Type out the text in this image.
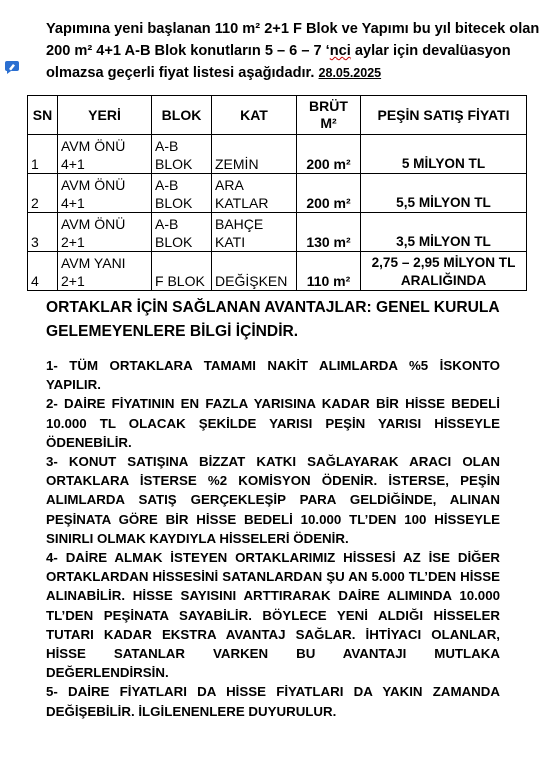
Yapımına yeni başlanan 110 m² 2+1 F Blok ve Yapımı bu yıl bitecek olan 200 m² 4+1 A-B Blok konutların 5 – 6 – 7 ‘nci aylar için devalüasyon olmazsa geçerli fiyat listesi aşağıdadır. 28.05.2025
SN	YERİ	BLOK	KAT	BRÜT M²	PEŞİN SATIŞ FİYATI
1	AVM ÖNÜ 4+1	A-B BLOK	ZEMİN	200 m²	5 MİLYON TL
2	AVM ÖNÜ 4+1	A-B BLOK	ARA KATLAR	200 m²	5,5 MİLYON TL
3	AVM ÖNÜ 2+1	A-B BLOK	BAHÇE KATI	130 m²	3,5 MİLYON TL
4	AVM YANI 2+1	F BLOK	DEĞİŞKEN	110 m²	2,75 – 2,95 MİLYON TL ARALIĞINDA
ORTAKLAR İÇİN SAĞLANAN AVANTAJLAR: GENEL KURULA GELEMEYENLERE BİLGİ İÇİNDİR.
1- TÜM ORTAKLARA TAMAMI NAKİT ALIMLARDA %5 İSKONTO YAPILIR.
2- DAİRE FİYATININ EN FAZLA YARISINA KADAR BİR HİSSE BEDELİ 10.000 TL OLACAK ŞEKİLDE YARISI PEŞİN YARISI HİSSEYLE ÖDENEBİLİR.
3- KONUT SATIŞINA BİZZAT KATKI SAĞLAYARAK ARACI OLAN ORTAKLARA İSTERSE %2 KOMİSYON ÖDENİR. İSTERSE, PEŞİN ALIMLARDA SATIŞ GERÇEKLEŞİP PARA GELDİĞİNDE, ALINAN PEŞİNATA GÖRE BİR HİSSE BEDELİ 10.000 TL’DEN 100 HİSSEYLE SINIRLI OLMAK KAYDIYLA HİSSELERİ ÖDENİR.
4- DAİRE ALMAK İSTEYEN ORTAKLARIMIZ HİSSESİ AZ İSE DİĞER ORTAKLARDAN HİSSESİNİ SATANLARDAN ŞU AN 5.000 TL’DEN HİSSE ALINABİLİR. HİSSE SAYISINI ARTTIRARAK DAİRE ALIMINDA 10.000 TL’DEN PEŞİNATA SAYABİLİR. BÖYLECE YENİ ALDIĞI HİSSELER TUTARI KADAR EKSTRA AVANTAJ SAĞLAR. İHTİYACI OLANLAR, HİSSE SATANLAR VARKEN BU AVANTAJI MUTLAKA DEĞERLENDİRSİN.
5- DAİRE FİYATLARI DA HİSSE FİYATLARI DA YAKIN ZAMANDA DEĞİŞEBİLİR. İLGİLENENLERE DUYURULUR.
